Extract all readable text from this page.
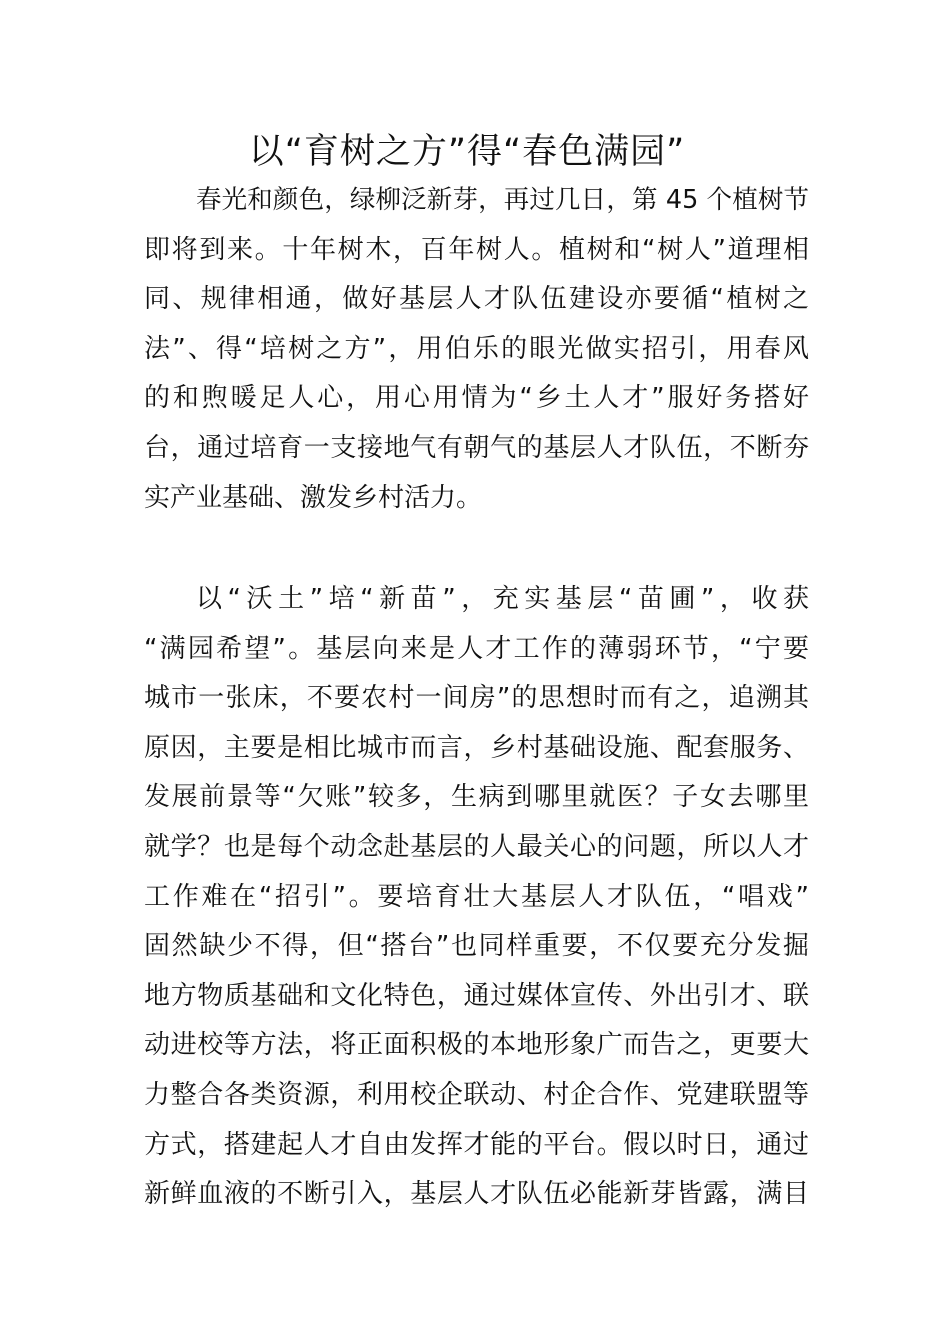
以“育树之方”得“春色满园”
春光和颜色，绿柳泛新芽，再过几日，第 45 个植树节
即将到来。十年树木，百年树人。植树和“树人”道理相
同、规律相通，做好基层人才队伍建设亦要循“植树之
法”、得“培树之方”，用伯乐的眼光做实招引，用春风
的和煦暖足人心，用心用情为“乡土人才”服好务搭好
台，通过培育一支接地气有朝气的基层人才队伍，不断夯
实产业基础、激发乡村活力。
以“沃土”培“新苗”，充实基层“苗圃”，收获
“满园希望”。基层向来是人才工作的薄弱环节，“宁要
城市一张床，不要农村一间房”的思想时而有之，追溯其
原因，主要是相比城市而言，乡村基础设施、配套服务、
发展前景等“欠账”较多，生病到哪里就医？子女去哪里
就学？也是每个动念赴基层的人最关心的问题，所以人才
工作难在“招引”。要培育壮大基层人才队伍，“唱戏”
固然缺少不得，但“搭台”也同样重要，不仅要充分发掘
地方物质基础和文化特色，通过媒体宣传、外出引才、联
动进校等方法，将正面积极的本地形象广而告之，更要大
力整合各类资源，利用校企联动、村企合作、党建联盟等
方式，搭建起人才自由发挥才能的平台。假以时日，通过
新鲜血液的不断引入，基层人才队伍必能新芽皆露，满目
